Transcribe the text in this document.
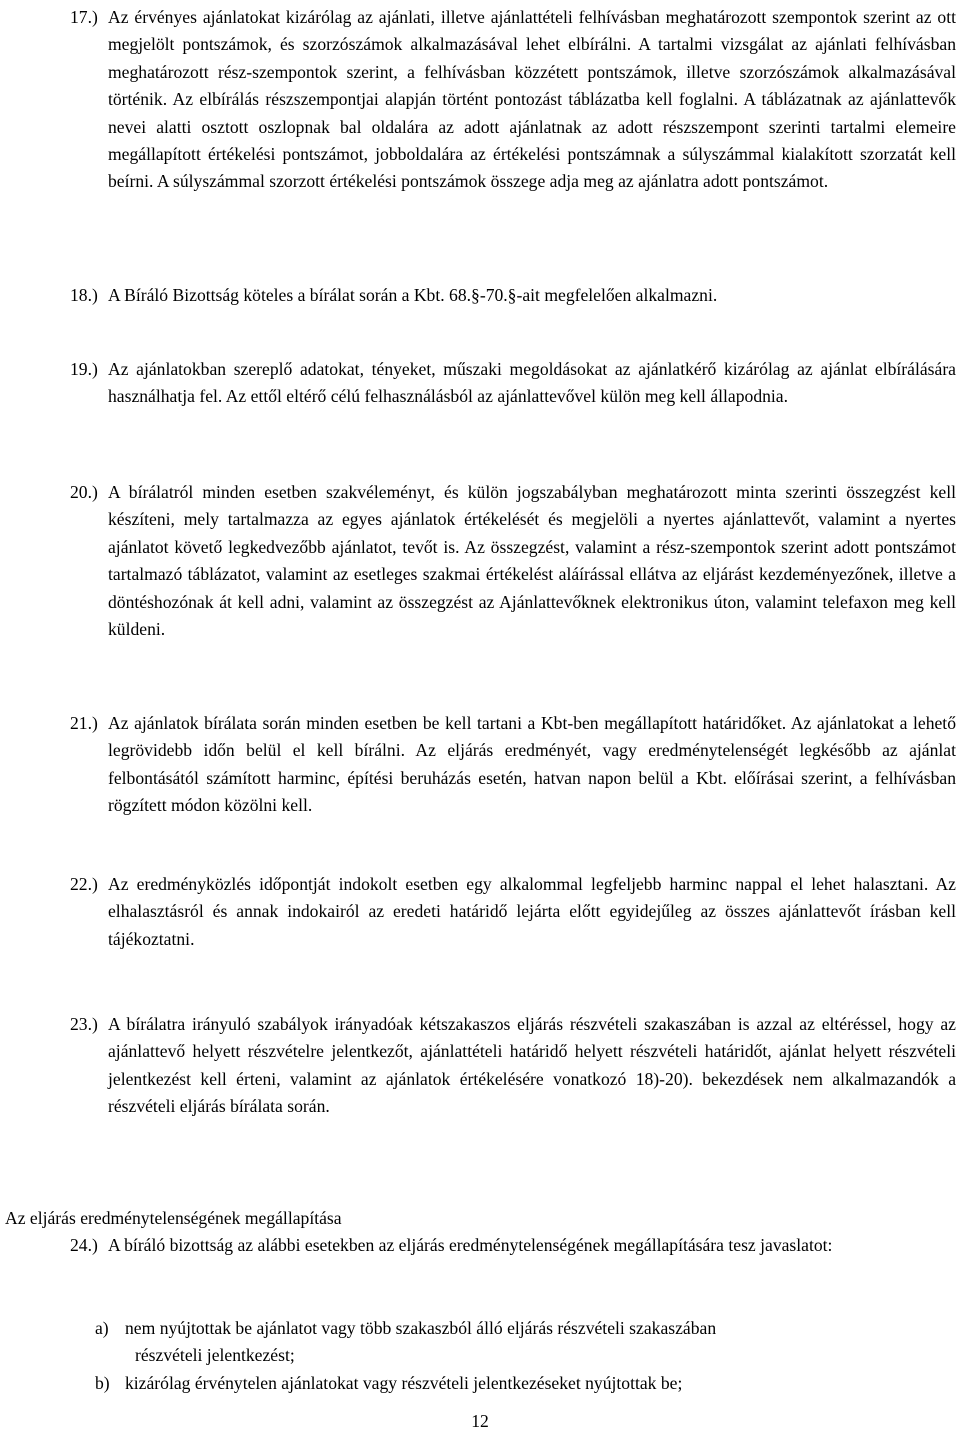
17.) Az érvényes ajánlatokat kizárólag az ajánlati, illetve ajánlattételi felhívásban meghatározott szempontok szerint az ott megjelölt pontszámok, és szorzószámok alkalmazásával lehet elbírálni. A tartalmi vizsgálat az ajánlati felhívásban meghatározott rész-szempontok szerint, a felhívásban közzétett pontszámok, illetve szorzószámok alkalmazásával történik. Az elbírálás részszempontjai alapján történt pontozást táblázatba kell foglalni. A táblázatnak az ajánlattevők nevei alatti osztott oszlopnak bal oldalára az adott ajánlatnak az adott részszempont szerinti tartalmi elemeire megállapított értékelési pontszámot, jobboldalára az értékelési pontszámnak a súlyszámmal kialakított szorzatát kell beírni. A súlyszámmal szorzott értékelési pontszámok összege adja meg az ajánlatra adott pontszámot.
18.) A Bíráló Bizottság köteles a bírálat során a Kbt. 68.§-70.§-ait megfelelően alkalmazni.
19.) Az ajánlatokban szereplő adatokat, tényeket, műszaki megoldásokat az ajánlatkérő kizárólag az ajánlat elbírálására használhatja fel. Az ettől eltérő célú felhasználásból az ajánlattevővel külön meg kell állapodnia.
20.) A bírálatról minden esetben szakvéleményt, és külön jogszabályban meghatározott minta szerinti összegzést kell készíteni, mely tartalmazza az egyes ajánlatok értékelését és megjelöli a nyertes ajánlattevőt, valamint a nyertes ajánlatot követő legkedvezőbb ajánlatot, tevőt is. Az összegzést, valamint a rész-szempontok szerint adott pontszámot tartalmazó táblázatot, valamint az esetleges szakmai értékelést aláírással ellátva az eljárást kezdeményezőnek, illetve a döntéshozónak át kell adni, valamint az összegzést az Ajánlattevőknek elektronikus úton, valamint telefaxon meg kell küldeni.
21.) Az ajánlatok bírálata során minden esetben be kell tartani a Kbt-ben megállapított határidőket. Az ajánlatokat a lehető legrövidebb időn belül el kell bírálni. Az eljárás eredményét, vagy eredménytelenségét legkésőbb az ajánlat felbontásától számított harminc, építési beruházás esetén, hatvan napon belül a Kbt. előírásai szerint, a felhívásban rögzített módon közölni kell.
22.) Az eredményközlés időpontját indokolt esetben egy alkalommal legfeljebb harminc nappal el lehet halasztani. Az elhalasztásról és annak indokairól az eredeti határidő lejárta előtt egyidejűleg az összes ajánlattevőt írásban kell tájékoztatni.
23.) A bírálatra irányuló szabályok irányadóak kétszakaszos eljárás részvételi szakaszában is azzal az eltéréssel, hogy az ajánlattevő helyett részvételre jelentkezőt, ajánlattételi határidő helyett részvételi határidőt, ajánlat helyett részvételi jelentkezést kell érteni, valamint az ajánlatok értékelésére vonatkozó 18)-20). bekezdések nem alkalmazandók a részvételi eljárás bírálata során.
Az eljárás eredménytelenségének megállapítása
24.) A bíráló bizottság az alábbi esetekben az eljárás eredménytelenségének megállapítására tesz javaslatot:
a) nem nyújtottak be ajánlatot vagy több szakaszból álló eljárás részvételi szakaszában
részvételi jelentkezést;
b) kizárólag érvénytelen ajánlatokat vagy részvételi jelentkezéseket nyújtottak be;
12
